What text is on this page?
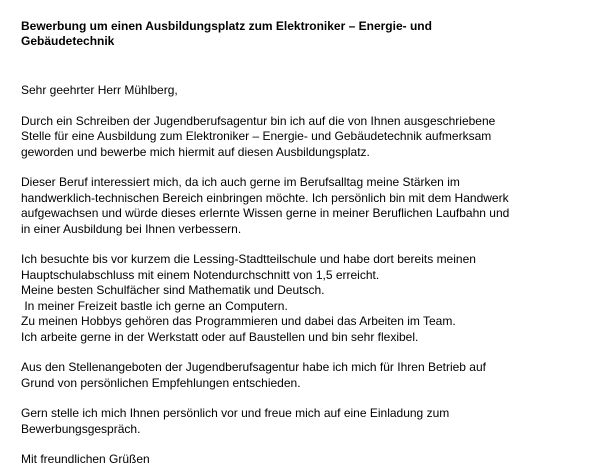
Bewerbung um einen Ausbildungsplatz zum Elektroniker – Energie- und
Gebäudetechnik

Sehr geehrter Herr Mühlberg,

Durch ein Schreiben der Jugendberufsagentur bin ich auf die von Ihnen ausgeschriebene
Stelle für eine Ausbildung zum Elektroniker – Energie- und Gebäudetechnik aufmerksam
geworden und bewerbe mich hiermit auf diesen Ausbildungsplatz.

Dieser Beruf interessiert mich, da ich auch gerne im Berufsalltag meine Stärken im
handwerklich-technischen Bereich einbringen möchte. Ich persönlich bin mit dem Handwerk
aufgewachsen und würde dieses erlernte Wissen gerne in meiner Beruflichen Laufbahn und
in einer Ausbildung bei Ihnen verbessern.

Ich besuchte bis vor kurzem die Lessing-Stadtteilschule und habe dort bereits meinen
Hauptschulabschluss mit einem Notendurchschnitt von 1,5 erreicht.
Meine besten Schulfächer sind Mathematik und Deutsch.
In meiner Freizeit bastle ich gerne an Computern.
Zu meinen Hobbys gehören das Programmieren und dabei das Arbeiten im Team.
Ich arbeite gerne in der Werkstatt oder auf Baustellen und bin sehr flexibel.

Aus den Stellenangeboten der Jugendberufsagentur habe ich mich für Ihren Betrieb auf
Grund von persönlichen Empfehlungen entschieden.

Gern stelle ich mich Ihnen persönlich vor und freue mich auf eine Einladung zum
Bewerbungsgespräch.

Mit freundlichen Grüßen
